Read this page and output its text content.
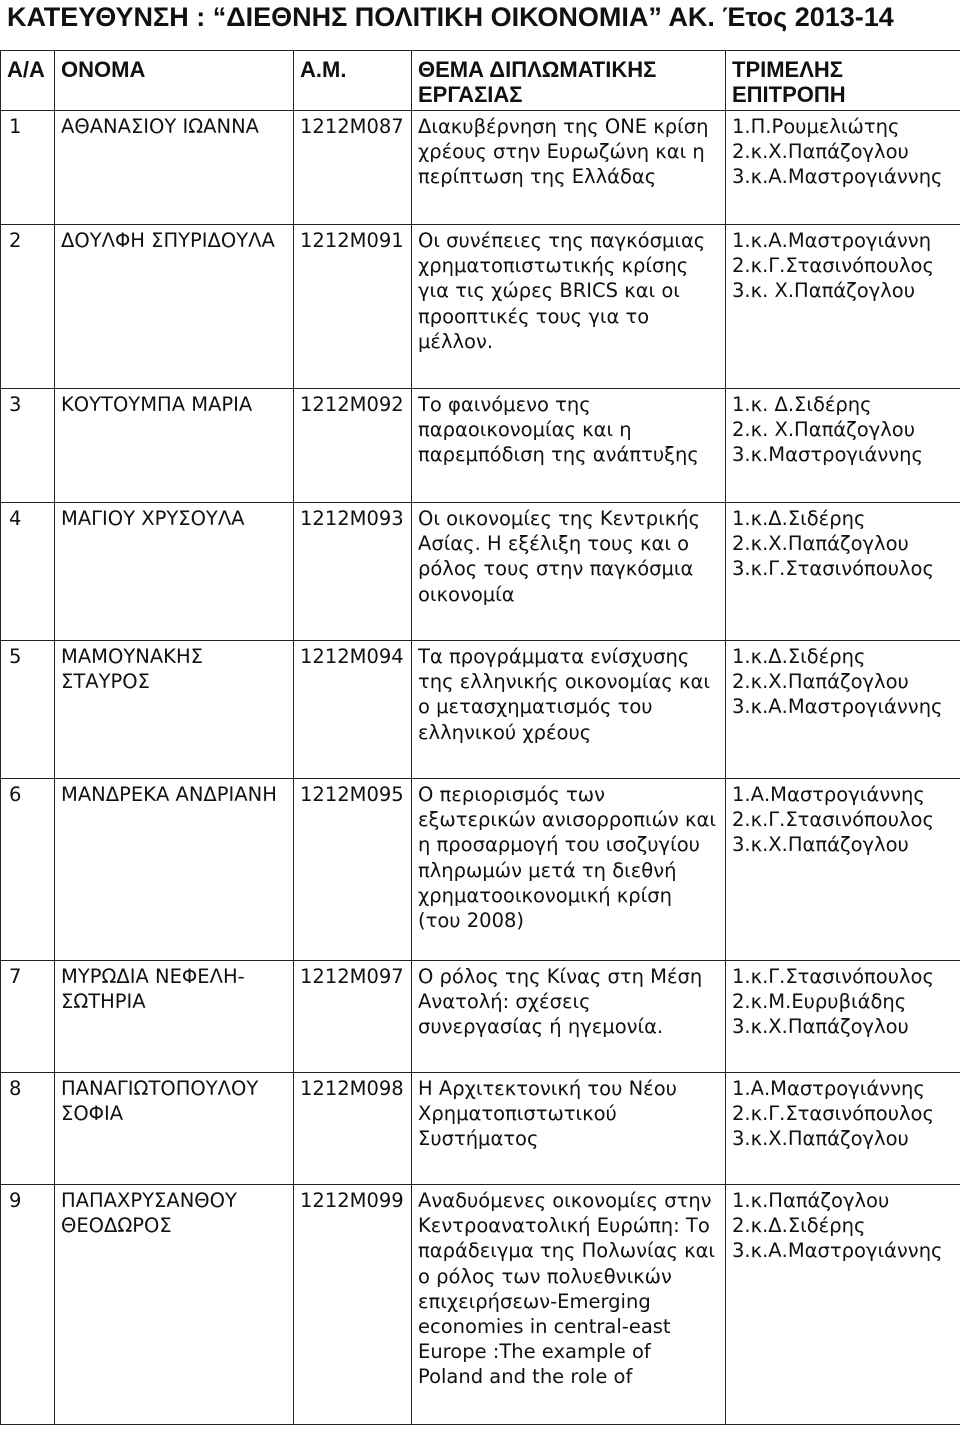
ΚΑΤΕΥΘΥΝΣΗ : “ΔΙΕΘΝΗΣ ΠΟΛΙΤΙΚΗ ΟΙΚΟΝΟΜΙΑ” ΑΚ. Έτος 2013-14
Α/Α	ΟΝΟΜΑ	Α.Μ.	ΘΕΜΑ ΔΙΠΛΩΜΑΤΙΚΗΣ ΕΡΓΑΣΙΑΣ	ΤΡΙΜΕΛΗΣ ΕΠΙΤΡΟΠΗ
1	ΑΘΑΝΑΣΙΟΥ ΙΩΑΝΝΑ	1212M087	Διακυβέρνηση της ΟΝΕ κρίση χρέους στην Ευρωζώνη και η περίπτωση της Ελλάδας	1.Π.Ρουμελιώτης
2.κ.Χ.Παπάζογλου
3.κ.Α.Μαστρογιάννης

2	ΔΟΥΛΦΗ ΣΠΥΡΙΔΟΥΛΑ	1212M091	Οι συνέπειες της παγκόσμιας χρηματοπιστωτικής κρίσης για τις χώρες BRICS και οι προοπτικές τους για το μέλλον.	1.κ.Α.Μαστρογιάννη
2.κ.Γ.Στασινόπουλος
3.κ. Χ.Παπάζογλου

3	ΚΟΥΤΟΥΜΠΑ ΜΑΡΙΑ	1212M092	Το φαινόμενο της παραοικονομίας και η παρεμπόδιση της ανάπτυξης	1.κ. Δ.Σιδέρης
2.κ. Χ.Παπάζογλου
3.κ.Μαστρογιάννης

4	ΜΑΓΙΟΥ ΧΡΥΣΟΥΛΑ	1212M093	Οι οικονομίες της Κεντρικής Ασίας. Η εξέλιξη τους και ο ρόλος τους στην παγκόσμια οικονομία	1.κ.Δ.Σιδέρης
2.κ.Χ.Παπάζογλου
3.κ.Γ.Στασινόπουλος

5	ΜΑΜΟΥΝΑΚΗΣ ΣΤΑΥΡΟΣ	1212M094	Τα προγράμματα ενίσχυσης της ελληνικής οικονομίας και ο μετασχηματισμός του ελληνικού χρέους	1.κ.Δ.Σιδέρης
2.κ.Χ.Παπάζογλου
3.κ.Α.Μαστρογιάννης

6	ΜΑΝΔΡΕΚΑ ΑΝΔΡΙΑΝΗ	1212M095	Ο περιορισμός των εξωτερικών ανισορροπιών και η προσαρμογή του ισοζυγίου πληρωμών μετά τη διεθνή χρηματοοικονομική κρίση (του 2008)	1.Α.Μαστρογιάννης
2.κ.Γ.Στασινόπουλος
3.κ.Χ.Παπάζογλου

7	ΜΥΡΩΔΙΑ ΝΕΦΕΛΗ-ΣΩΤΗΡΙΑ	1212M097	Ο ρόλος της Κίνας στη Μέση Ανατολή: σχέσεις συνεργασίας ή ηγεμονία.	1.κ.Γ.Στασινόπουλος
2.κ.Μ.Ευρυβιάδης
3.κ.Χ.Παπάζογλου

8	ΠΑΝΑΓΙΩΤΟΠΟΥΛΟΥ ΣΟΦΙΑ	1212M098	Η Αρχιτεκτονική του Νέου Χρηματοπιστωτικού Συστήματος	1.Α.Μαστρογιάννης
2.κ.Γ.Στασινόπουλος
3.κ.Χ.Παπάζογλου

9	ΠΑΠΑΧΡΥΣΑΝΘΟΥ ΘΕΟΔΩΡΟΣ	1212M099	Αναδυόμενες οικονομίες στην Κεντροανατολική Ευρώπη: Το παράδειγμα της Πολωνίας και ο ρόλος των πολυεθνικών επιχειρήσεων-Emerging economies in central-east Europe :The example of Poland and the role of	1.κ.Παπάζογλου
2.κ.Δ.Σιδέρης
3.κ.Α.Μαστρογιάννης
